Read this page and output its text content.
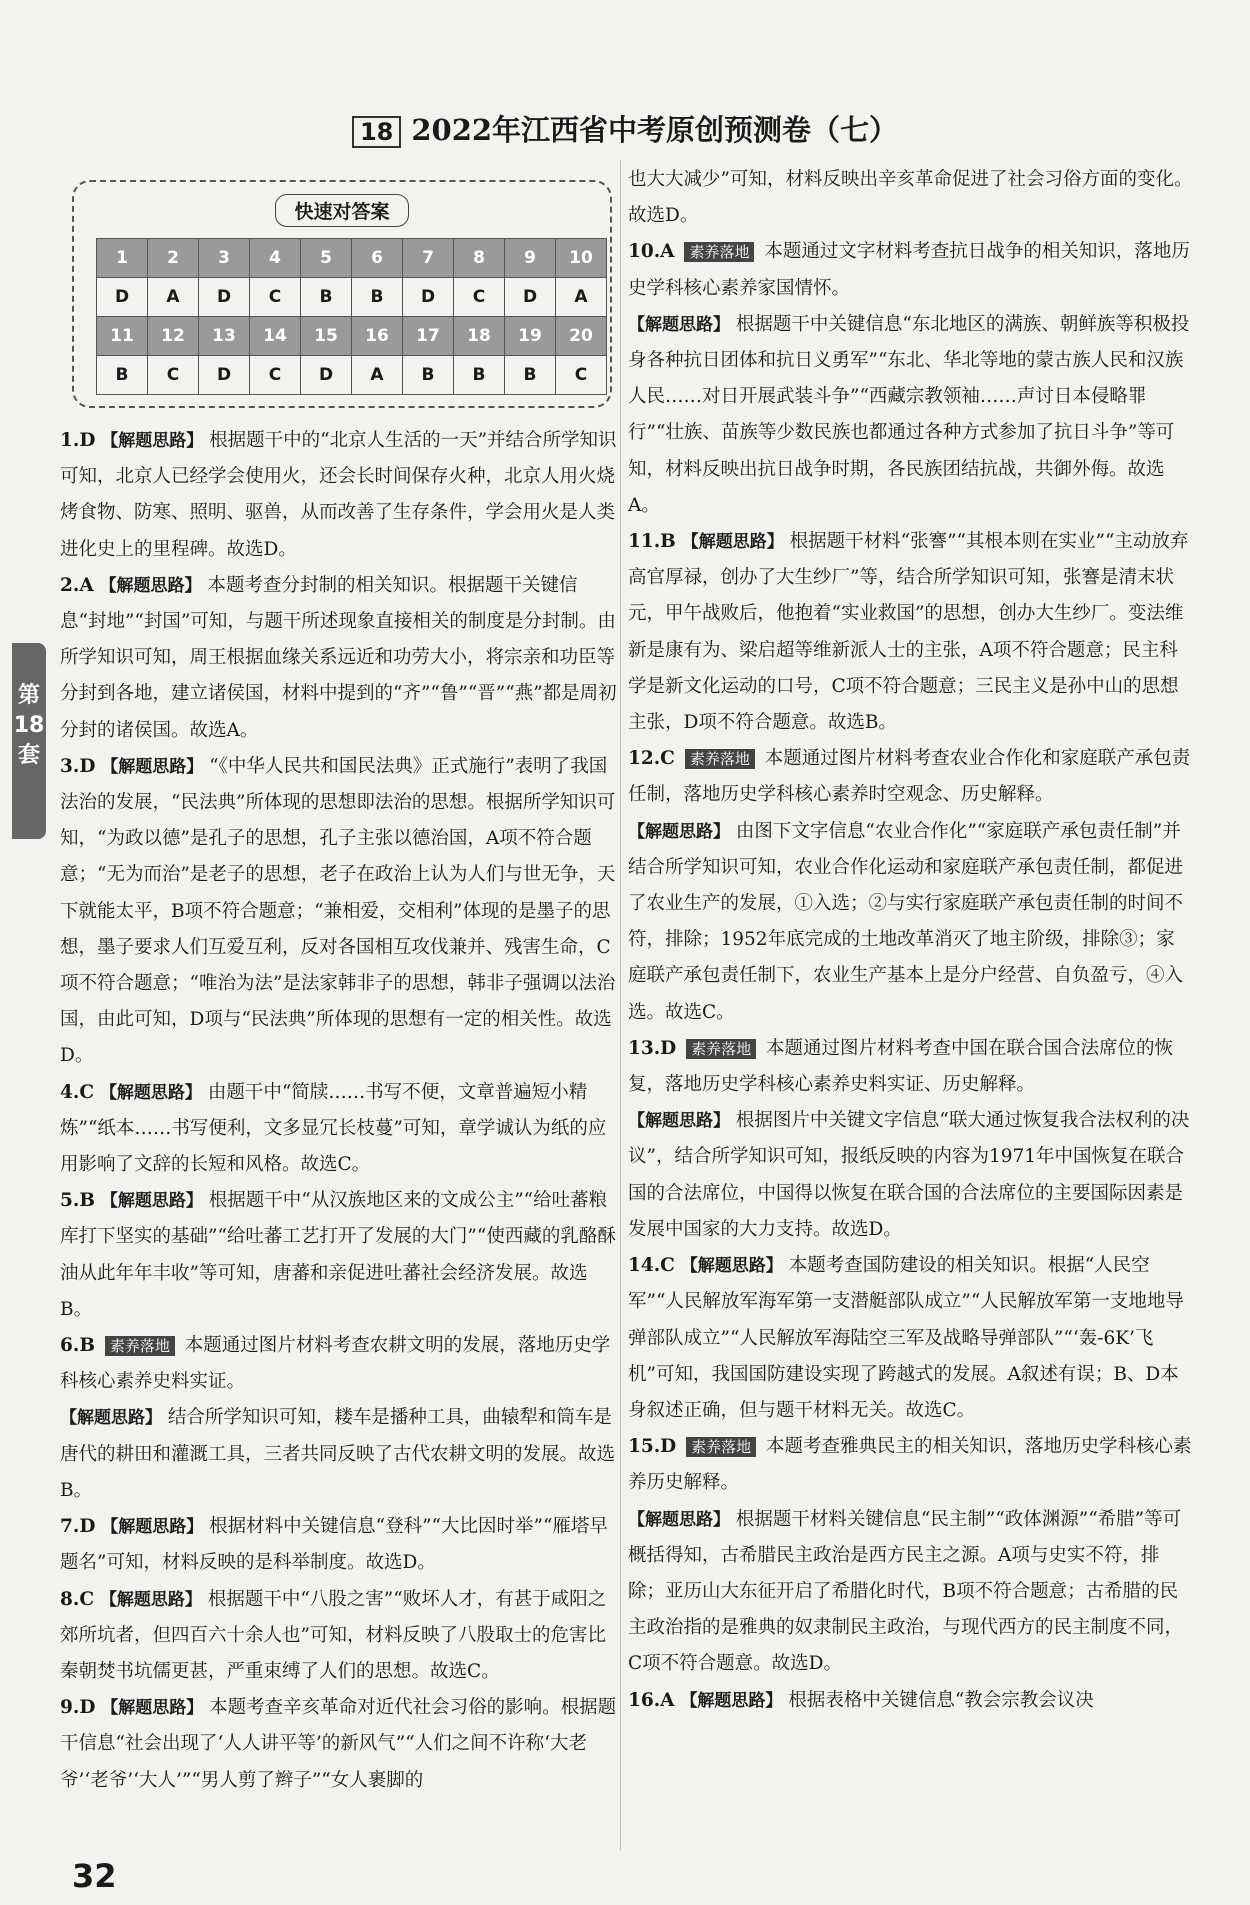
18 2022年江西省中考原创预测卷（七）
快速对答案
1	2	3	4	5	6	7	8	9	10
D	A	D	C	B	B	D	C	D	A
11	12	13	14	15	16	17	18	19	20
B	C	D	C	D	A	B	B	B	C
1.D 【解题思路】 根据题干中的“北京人生活的一天”并结合所学知识可知，北京人已经学会使用火，还会长时间保存火种，北京人用火烧烤食物、防寒、照明、驱兽，从而改善了生存条件，学会用火是人类进化史上的里程碑。故选D。
2.A 【解题思路】 本题考查分封制的相关知识。根据题干关键信息“封地”“封国”可知，与题干所述现象直接相关的制度是分封制。由所学知识可知，周王根据血缘关系远近和功劳大小，将宗亲和功臣等分封到各地，建立诸侯国，材料中提到的“齐”“鲁”“晋”“燕”都是周初分封的诸侯国。故选A。
3.D 【解题思路】 “《中华人民共和国民法典》正式施行”表明了我国法治的发展，“民法典”所体现的思想即法治的思想。根据所学知识可知，“为政以德”是孔子的思想，孔子主张以德治国，A项不符合题意；“无为而治”是老子的思想，老子在政治上认为人们与世无争，天下就能太平，B项不符合题意；“兼相爱，交相利”体现的是墨子的思想，墨子要求人们互爱互利，反对各国相互攻伐兼并、残害生命，C项不符合题意；“唯治为法”是法家韩非子的思想，韩非子强调以法治国，由此可知，D项与“民法典”所体现的思想有一定的相关性。故选D。
4.C 【解题思路】 由题干中“简牍……书写不便，文章普遍短小精炼”“纸本……书写便利，文多显冗长枝蔓”可知，章学诚认为纸的应用影响了文辞的长短和风格。故选C。
5.B 【解题思路】 根据题干中“从汉族地区来的文成公主”“给吐蕃粮库打下坚实的基础”“给吐蕃工艺打开了发展的大门”“使西藏的乳酪酥油从此年年丰收”等可知，唐蕃和亲促进吐蕃社会经济发展。故选B。
6.B 素养落地 本题通过图片材料考查农耕文明的发展，落地历史学科核心素养史料实证。
【解题思路】 结合所学知识可知，耧车是播种工具，曲辕犁和筒车是唐代的耕田和灌溉工具，三者共同反映了古代农耕文明的发展。故选B。
7.D 【解题思路】 根据材料中关键信息“登科”“大比因时举”“雁塔早题名”可知，材料反映的是科举制度。故选D。
8.C 【解题思路】 根据题干中“八股之害”“败坏人才，有甚于咸阳之郊所坑者，但四百六十余人也”可知，材料反映了八股取士的危害比秦朝焚书坑儒更甚，严重束缚了人们的思想。故选C。
9.D 【解题思路】 本题考查辛亥革命对近代社会习俗的影响。根据题干信息“社会出现了‘人人讲平等’的新风气”“人们之间不许称‘大老爷’‘老爷’‘大人’”“男人剪了辫子”“女人裹脚的
也大大减少”可知，材料反映出辛亥革命促进了社会习俗方面的变化。故选D。
10.A 素养落地 本题通过文字材料考查抗日战争的相关知识，落地历史学科核心素养家国情怀。
【解题思路】 根据题干中关键信息“东北地区的满族、朝鲜族等积极投身各种抗日团体和抗日义勇军”“东北、华北等地的蒙古族人民和汉族人民……对日开展武装斗争”“西藏宗教领袖……声讨日本侵略罪行”“壮族、苗族等少数民族也都通过各种方式参加了抗日斗争”等可知，材料反映出抗日战争时期，各民族团结抗战，共御外侮。故选A。
11.B 【解题思路】 根据题干材料“张謇”“其根本则在实业”“主动放弃高官厚禄，创办了大生纱厂”等，结合所学知识可知，张謇是清末状元，甲午战败后，他抱着“实业救国”的思想，创办大生纱厂。变法维新是康有为、梁启超等维新派人士的主张，A项不符合题意；民主科学是新文化运动的口号，C项不符合题意；三民主义是孙中山的思想主张，D项不符合题意。故选B。
12.C 素养落地 本题通过图片材料考查农业合作化和家庭联产承包责任制，落地历史学科核心素养时空观念、历史解释。
【解题思路】 由图下文字信息“农业合作化”“家庭联产承包责任制”并结合所学知识可知，农业合作化运动和家庭联产承包责任制，都促进了农业生产的发展，①入选；②与实行家庭联产承包责任制的时间不符，排除；1952年底完成的土地改革消灭了地主阶级，排除③；家庭联产承包责任制下，农业生产基本上是分户经营、自负盈亏，④入选。故选C。
13.D 素养落地 本题通过图片材料考查中国在联合国合法席位的恢复，落地历史学科核心素养史料实证、历史解释。
【解题思路】 根据图片中关键文字信息“联大通过恢复我合法权利的决议”，结合所学知识可知，报纸反映的内容为1971年中国恢复在联合国的合法席位，中国得以恢复在联合国的合法席位的主要国际因素是发展中国家的大力支持。故选D。
14.C 【解题思路】 本题考查国防建设的相关知识。根据“人民空军”“人民解放军海军第一支潜艇部队成立”“人民解放军第一支地地导弹部队成立”“人民解放军海陆空三军及战略导弹部队”“‘轰-6K’飞机”可知，我国国防建设实现了跨越式的发展。A叙述有误；B、D本身叙述正确，但与题干材料无关。故选C。
15.D 素养落地 本题考查雅典民主的相关知识，落地历史学科核心素养历史解释。
【解题思路】 根据题干材料关键信息“民主制”“政体渊源”“希腊”等可概括得知，古希腊民主政治是西方民主之源。A项与史实不符，排除；亚历山大东征开启了希腊化时代，B项不符合题意；古希腊的民主政治指的是雅典的奴隶制民主政治，与现代西方的民主制度不同，C项不符合题意。故选D。
16.A 【解题思路】 根据表格中关键信息“教会宗教会议决
第18套
32
